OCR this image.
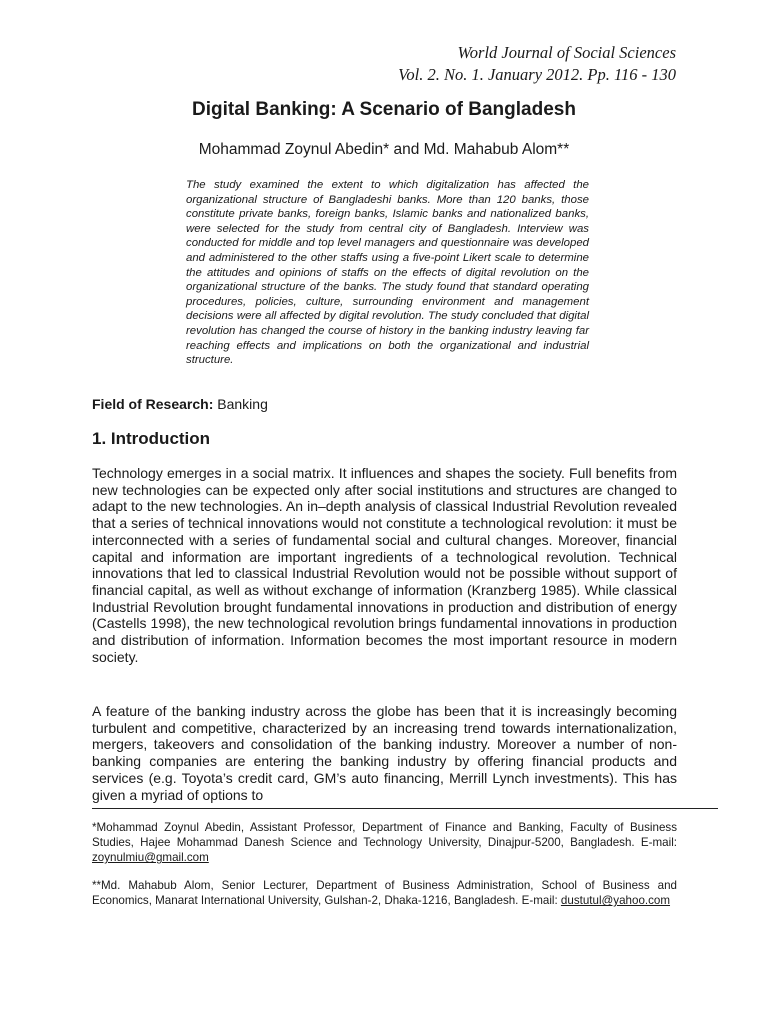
World Journal of Social Sciences
Vol. 2. No. 1. January 2012. Pp. 116 - 130
Digital Banking: A Scenario of Bangladesh

Mohammad Zoynul Abedin* and Md. Mahabub Alom**

The study examined the extent to which digitalization has affected the organizational structure of Bangladeshi banks. More than 120 banks, those constitute private banks, foreign banks, Islamic banks and nationalized banks, were selected for the study from central city of Bangladesh. Interview was conducted for middle and top level managers and questionnaire was developed and administered to the other staffs using a five-point Likert scale to determine the attitudes and opinions of staffs on the effects of digital revolution on the organizational structure of the banks. The study found that standard operating procedures, policies, culture, surrounding environment and management decisions were all affected by digital revolution. The study concluded that digital revolution has changed the course of history in the banking industry leaving far reaching effects and implications on both the organizational and industrial structure.

Field of Research: Banking

1. Introduction

Technology emerges in a social matrix. It influences and shapes the society. Full benefits from new technologies can be expected only after social institutions and structures are changed to adapt to the new technologies. An in–depth analysis of classical Industrial Revolution revealed that a series of technical innovations would not constitute a technological revolution: it must be interconnected with a series of fundamental social and cultural changes. Moreover, financial capital and information are important ingredients of a technological revolution. Technical innovations that led to classical Industrial Revolution would not be possible without support of financial capital, as well as without exchange of information (Kranzberg 1985). While classical Industrial Revolution brought fundamental innovations in production and distribution of energy (Castells 1998), the new technological revolution brings fundamental innovations in production and distribution of information. Information becomes the most important resource in modern society.

A feature of the banking industry across the globe has been that it is increasingly becoming turbulent and competitive, characterized by an increasing trend towards internationalization, mergers, takeovers and consolidation of the banking industry. Moreover a number of non-banking companies are entering the banking industry by offering financial products and services (e.g. Toyota’s credit card, GM’s auto financing, Merrill Lynch investments). This has given a myriad of options to

*Mohammad Zoynul Abedin, Assistant Professor, Department of Finance and Banking, Faculty of Business Studies, Hajee Mohammad Danesh Science and Technology University, Dinajpur-5200, Bangladesh. E-mail: zoynulmiu@gmail.com

**Md. Mahabub Alom, Senior Lecturer, Department of Business Administration, School of Business and Economics, Manarat International University, Gulshan-2, Dhaka-1216, Bangladesh. E-mail: dustutul@yahoo.com
